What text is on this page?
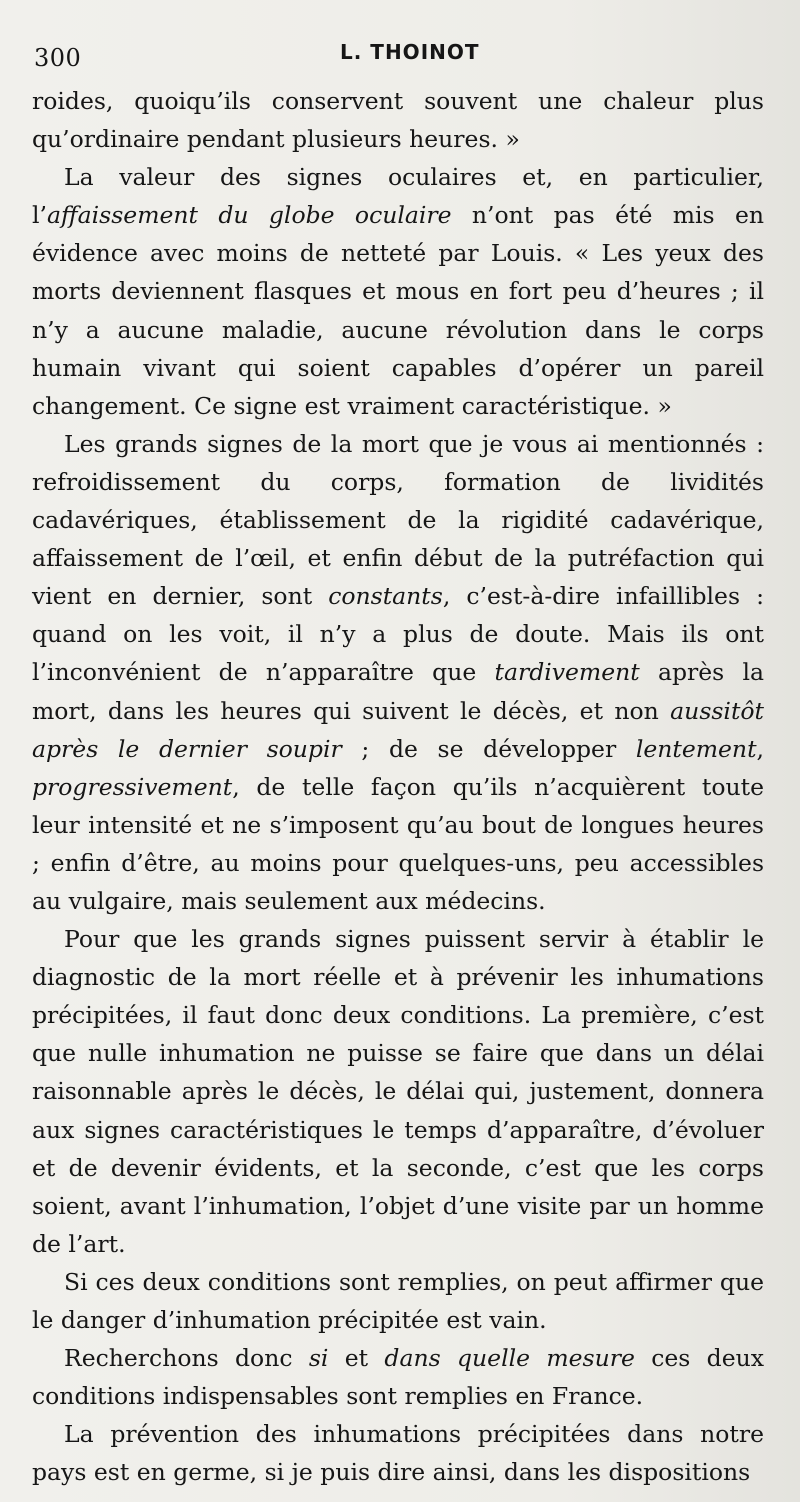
300	L. THOINOT

roides, quoiqu’ils conservent souvent une chaleur plus qu’ordinaire pendant plusieurs heures. »

La valeur des signes oculaires et, en particulier, l’affaissement du globe oculaire n’ont pas été mis en évidence avec moins de netteté par Louis. « Les yeux des morts deviennent flasques et mous en fort peu d’heures ; il n’y a aucune maladie, aucune révolution dans le corps humain vivant qui soient capables d’opérer un pareil changement. Ce signe est vraiment caractéristique. »

Les grands signes de la mort que je vous ai mentionnés : refroidissement du corps, formation de lividités cadavériques, établissement de la rigidité cadavérique, affaissement de l’œil, et enfin début de la putréfaction qui vient en dernier, sont constants, c’est-à-dire infaillibles : quand on les voit, il n’y a plus de doute. Mais ils ont l’inconvénient de n’apparaître que tardivement après la mort, dans les heures qui suivent le décès, et non aussitôt après le dernier soupir ; de se développer lentement, progressivement, de telle façon qu’ils n’acquièrent toute leur intensité et ne s’imposent qu’au bout de longues heures ; enfin d’être, au moins pour quelques-uns, peu accessibles au vulgaire, mais seulement aux médecins.

Pour que les grands signes puissent servir à établir le diagnostic de la mort réelle et à prévenir les inhumations précipitées, il faut donc deux conditions. La première, c’est que nulle inhumation ne puisse se faire que dans un délai raisonnable après le décès, le délai qui, justement, donnera aux signes caractéristiques le temps d’apparaître, d’évoluer et de devenir évidents, et la seconde, c’est que les corps soient, avant l’inhumation, l’objet d’une visite par un homme de l’art.

Si ces deux conditions sont remplies, on peut affirmer que le danger d’inhumation précipitée est vain.

Recherchons donc si et dans quelle mesure ces deux conditions indispensables sont remplies en France.

La prévention des inhumations précipitées dans notre pays est en germe, si je puis dire ainsi, dans les dispositions
